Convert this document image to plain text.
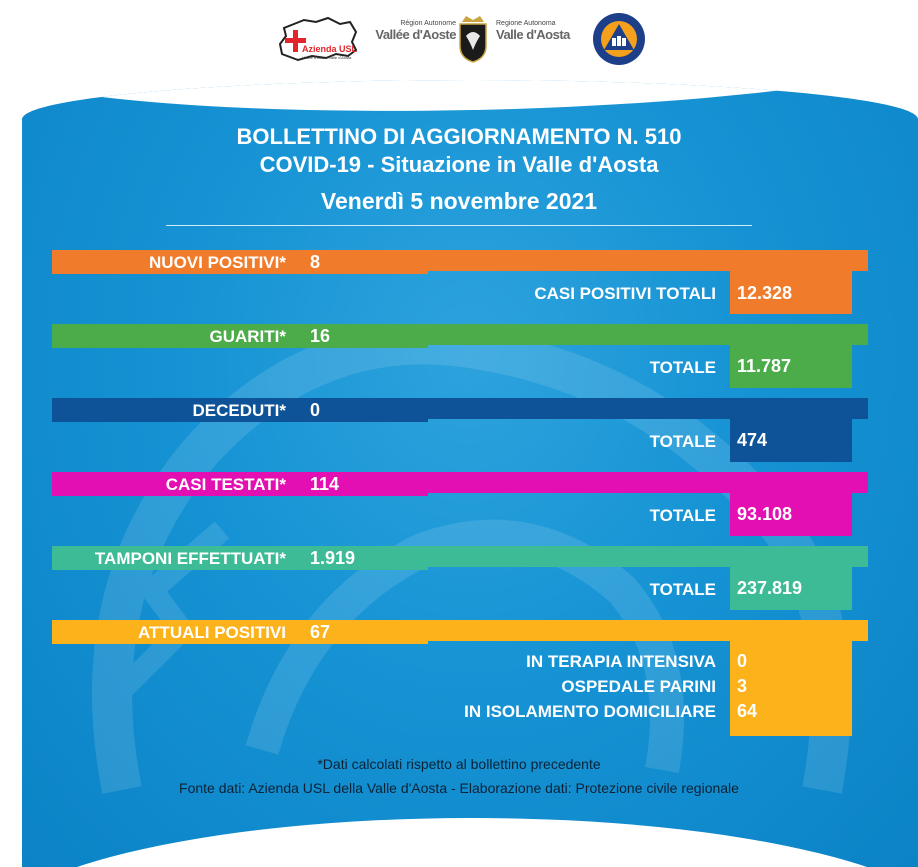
Azienda USL
Vallée d'Aoste-Valle d'Aosta
Région Autonome
Vallée d'Aoste
Regione Autonoma
Valle d'Aosta
BOLLETTINO DI AGGIORNAMENTO N. 510
COVID-19 - Situazione in Valle d'Aosta
Venerdì 5 novembre 2021
NUOVI POSITIVI* 8
CASI POSITIVI TOTALI 12.328
GUARITI* 16
TOTALE 11.787
DECEDUTI* 0
TOTALE 474
CASI TESTATI* 114
TOTALE 93.108
TAMPONI EFFETTUATI* 1.919
TOTALE 237.819
ATTUALI POSITIVI 67
IN TERAPIA INTENSIVA 0
OSPEDALE PARINI 3
IN ISOLAMENTO DOMICILIARE 64
*Dati calcolati rispetto al bollettino precedente
Fonte dati: Azienda USL della Valle d'Aosta - Elaborazione dati: Protezione civile regionale
